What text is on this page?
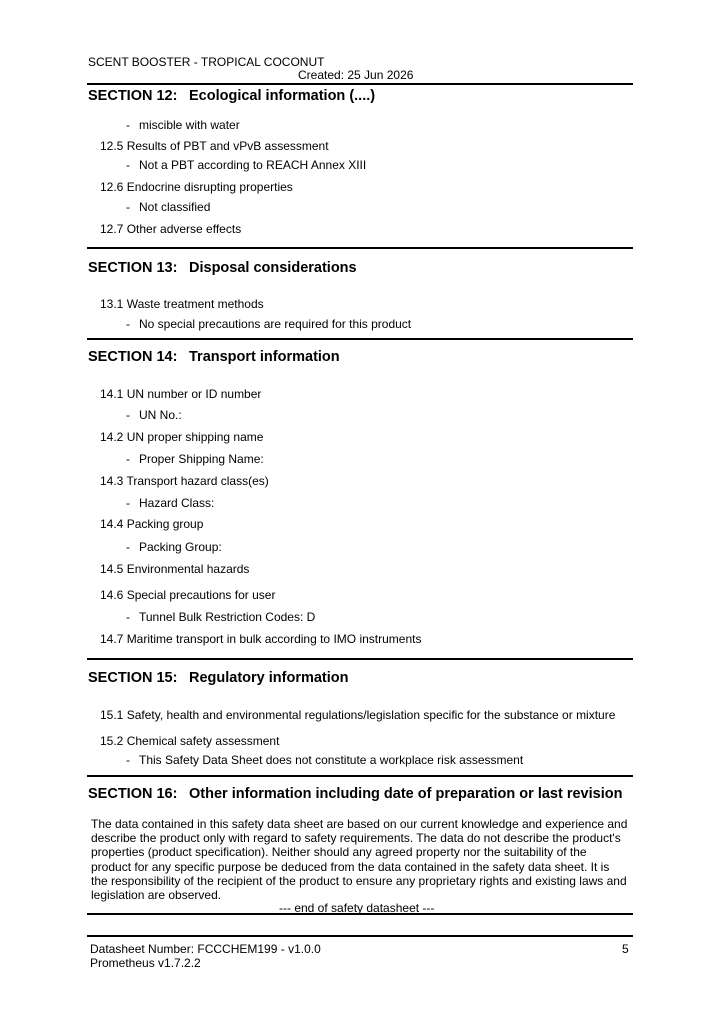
SCENT BOOSTER - TROPICAL COCONUT
Created: 25 Jun 2026
SECTION 12: Ecological information (....)
- miscible with water
12.5 Results of PBT and vPvB assessment
- Not a PBT according to REACH Annex XIII
12.6 Endocrine disrupting properties
- Not classified
12.7 Other adverse effects
SECTION 13: Disposal considerations
13.1 Waste treatment methods
- No special precautions are required for this product
SECTION 14: Transport information
14.1 UN number or ID number
- UN No.:
14.2 UN proper shipping name
- Proper Shipping Name:
14.3 Transport hazard class(es)
- Hazard Class:
14.4 Packing group
- Packing Group:
14.5 Environmental hazards
14.6 Special precautions for user
- Tunnel Bulk Restriction Codes: D
14.7 Maritime transport in bulk according to IMO instruments
SECTION 15: Regulatory information
15.1 Safety, health and environmental regulations/legislation specific for the substance or mixture
15.2 Chemical safety assessment
- This Safety Data Sheet does not constitute a workplace risk assessment
SECTION 16: Other information including date of preparation or last revision

The data contained in this safety data sheet are based on our current knowledge and experience and

describe the product only with regard to safety requirements. The data do not describe the product's

properties (product specification). Neither should any agreed property nor the suitability of the

product for any specific purpose be deduced from the data contained in the safety data sheet. It is

the responsibility of the recipient of the product to ensure any proprietary rights and existing laws and

legislation are observed.

--- end of safety datasheet ---
Datasheet Number: FCCCHEM199 - v1.0.0
Prometheus v1.7.2.2
5
